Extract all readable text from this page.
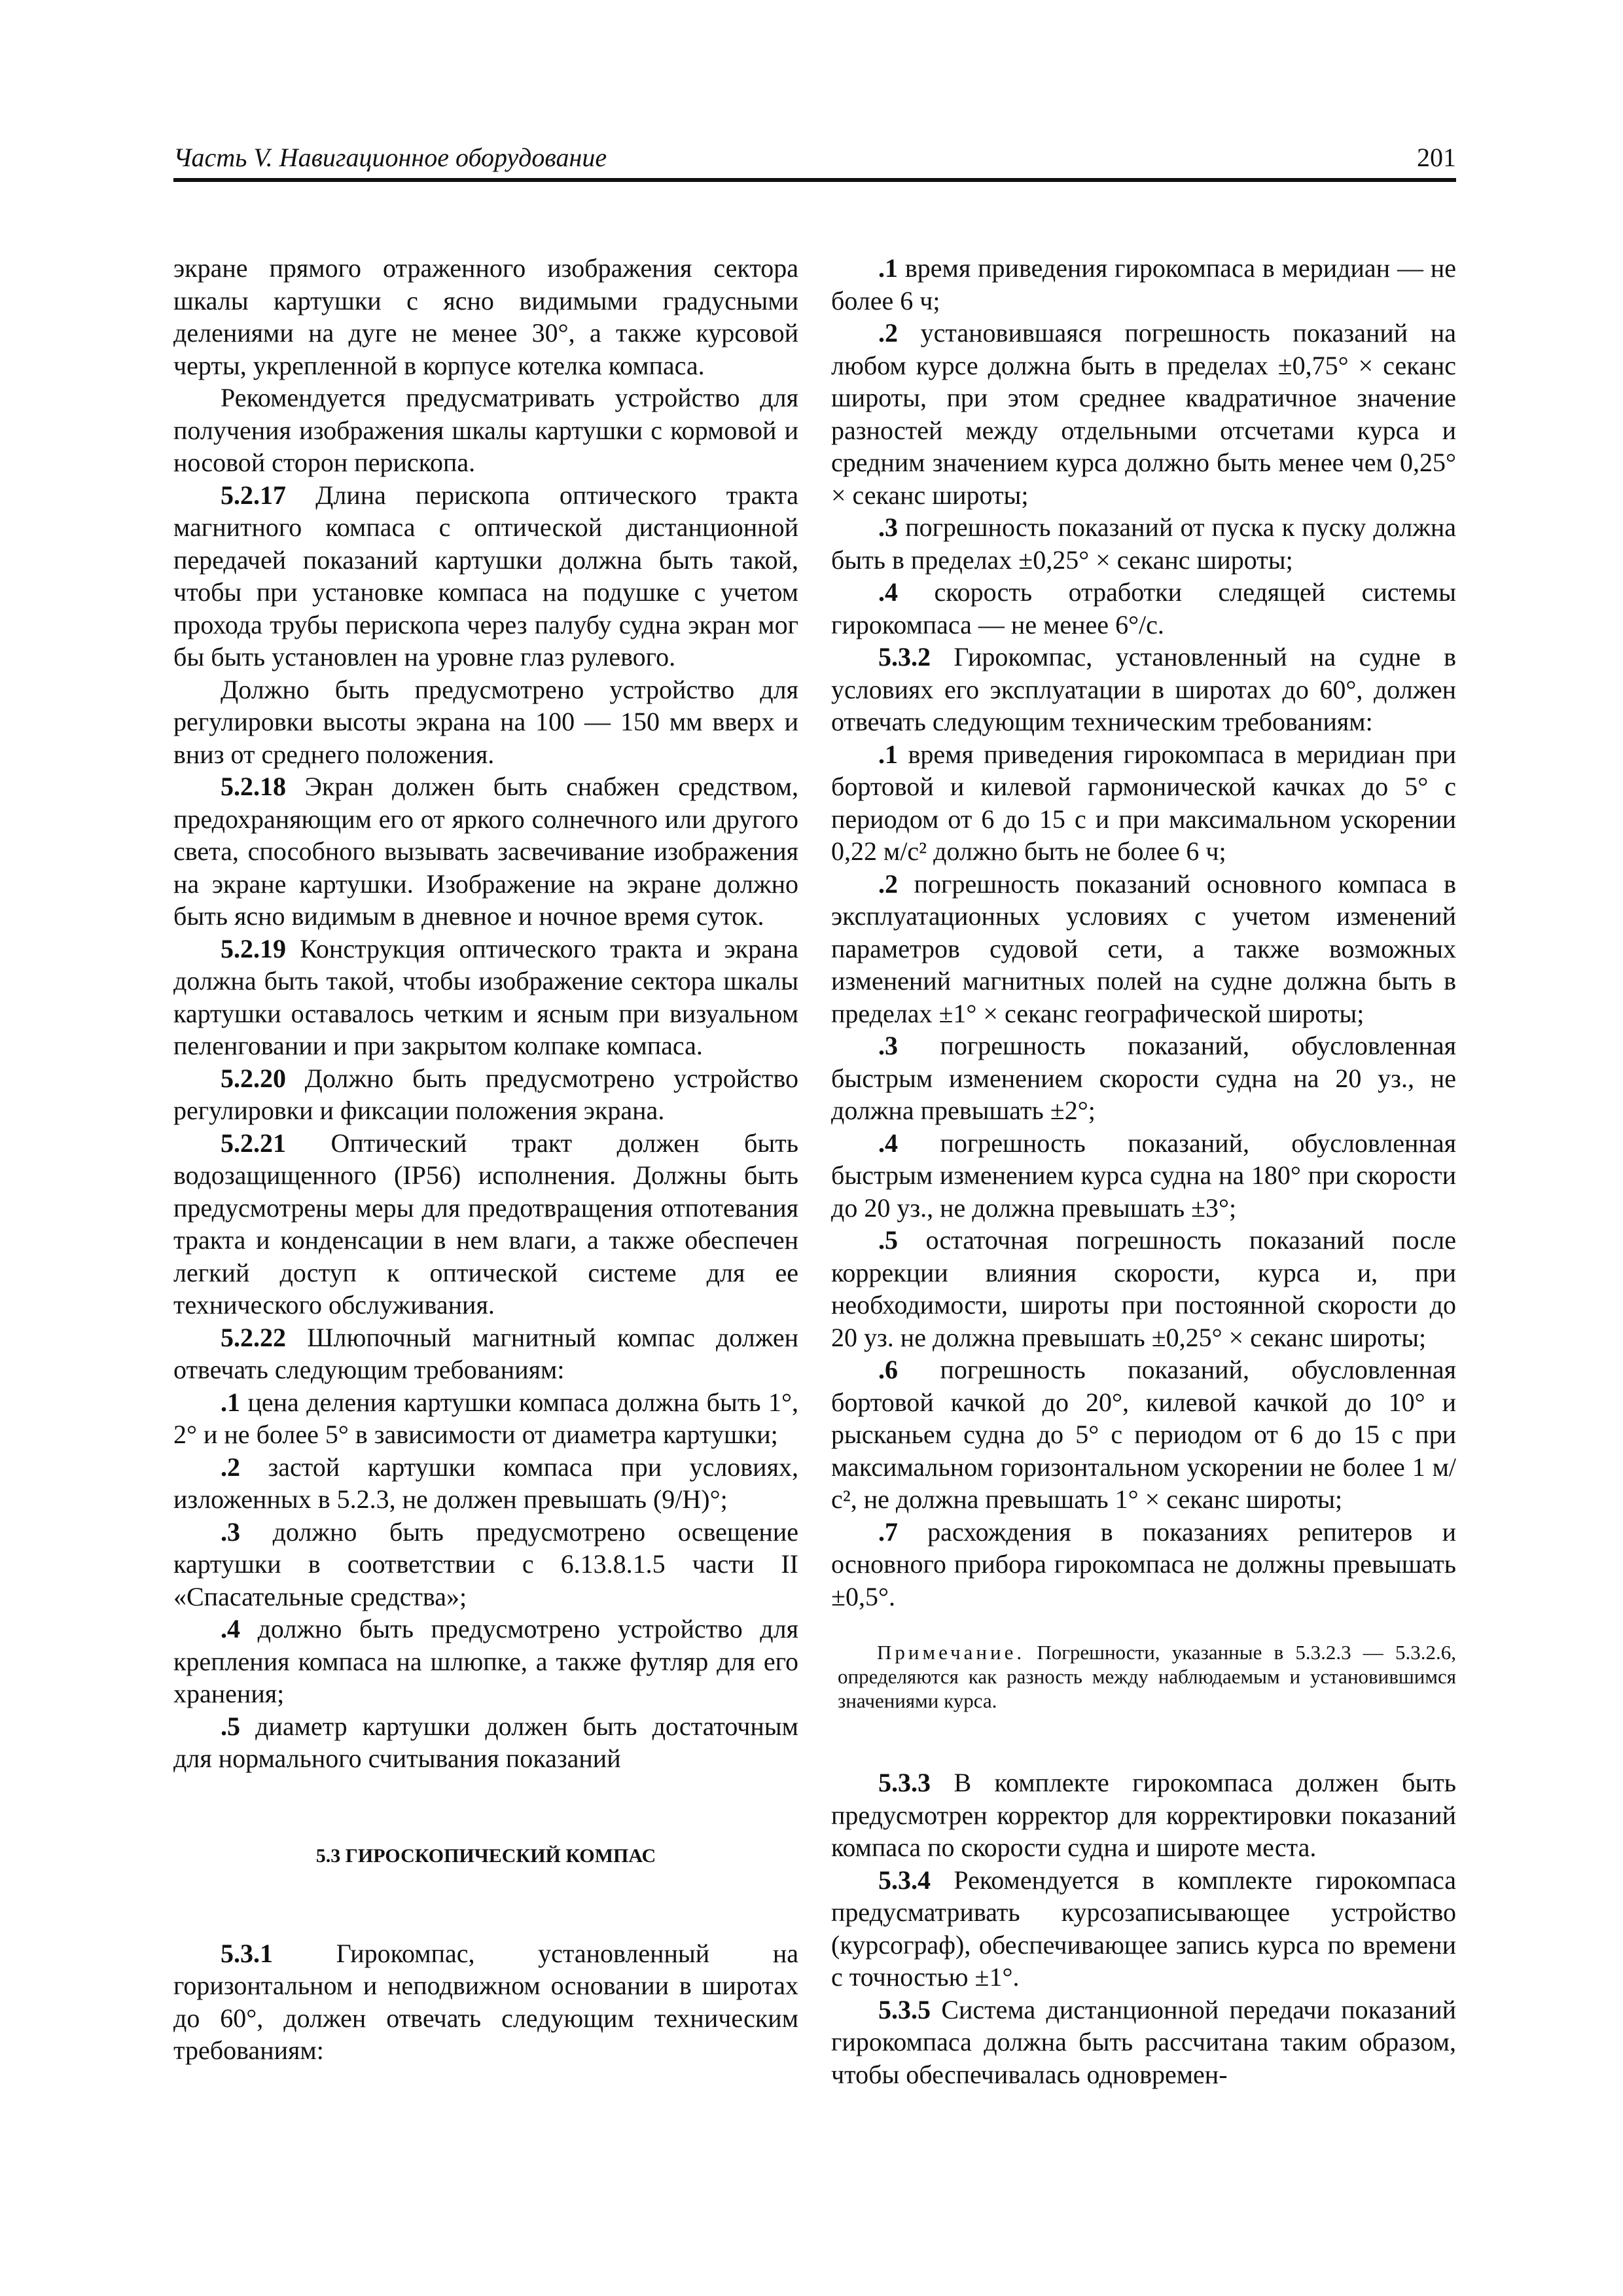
Часть V. Навигационное оборудование	201

экране прямого отраженного изображения сектора шкалы картушки с ясно видимыми градусными делениями на дуге не менее 30°, а также курсовой черты, укрепленной в корпусе котелка компаса.

Рекомендуется предусматривать устройство для получения изображения шкалы картушки с кормовой и носовой сторон перископа.

5.2.17 Длина перископа оптического тракта магнитного компаса с оптической дистанционной передачей показаний картушки должна быть такой, чтобы при установке компаса на подушке с учетом прохода трубы перископа через палубу судна экран мог бы быть установлен на уровне глаз рулевого.

Должно быть предусмотрено устройство для регулировки высоты экрана на 100 — 150 мм вверх и вниз от среднего положения.

5.2.18 Экран должен быть снабжен средством, предохраняющим его от яркого солнечного или другого света, способного вызывать засвечивание изображения на экране картушки. Изображение на экране должно быть ясно видимым в дневное и ночное время суток.

5.2.19 Конструкция оптического тракта и экрана должна быть такой, чтобы изображение сектора шкалы картушки оставалось четким и ясным при визуальном пеленговании и при закрытом колпаке компаса.

5.2.20 Должно быть предусмотрено устройство регулировки и фиксации положения экрана.

5.2.21 Оптический тракт должен быть водозащищенного (IP56) исполнения. Должны быть предусмотрены меры для предотвращения отпотевания тракта и конденсации в нем влаги, а также обеспечен легкий доступ к оптической системе для ее технического обслуживания.

5.2.22 Шлюпочный магнитный компас должен отвечать следующим требованиям:

.1 цена деления картушки компаса должна быть 1°, 2° и не более 5° в зависимости от диаметра картушки;

.2 застой картушки компаса при условиях, изложенных в 5.2.3, не должен превышать (9/H)°;

.3 должно быть предусмотрено освещение картушки в соответствии с 6.13.8.1.5 части II «Спасательные средства»;

.4 должно быть предусмотрено устройство для крепления компаса на шлюпке, а также футляр для его хранения;

.5 диаметр картушки должен быть достаточным для нормального считывания показаний

5.3 ГИРОСКОПИЧЕСКИЙ КОМПАС

5.3.1 Гирокомпас, установленный на горизонтальном и неподвижном основании в широтах до 60°, должен отвечать следующим техническим требованиям:

.1 время приведения гирокомпаса в меридиан — не более 6 ч;

.2 установившаяся погрешность показаний на любом курсе должна быть в пределах ±0,75° × секанс широты, при этом среднее квадратичное значение разностей между отдельными отсчетами курса и средним значением курса должно быть менее чем 0,25° × секанс широты;

.3 погрешность показаний от пуска к пуску должна быть в пределах ±0,25° × секанс широты;

.4 скорость отработки следящей системы гирокомпаса — не менее 6°/с.

5.3.2 Гирокомпас, установленный на судне в условиях его эксплуатации в широтах до 60°, должен отвечать следующим техническим требованиям:

.1 время приведения гирокомпаса в меридиан при бортовой и килевой гармонической качках до 5° с периодом от 6 до 15 с и при максимальном ускорении 0,22 м/с² должно быть не более 6 ч;

.2 погрешность показаний основного компаса в эксплуатационных условиях с учетом изменений параметров судовой сети, а также возможных изменений магнитных полей на судне должна быть в пределах ±1° × секанс географической широты;

.3 погрешность показаний, обусловленная быстрым изменением скорости судна на 20 уз., не должна превышать ±2°;

.4 погрешность показаний, обусловленная быстрым изменением курса судна на 180° при скорости до 20 уз., не должна превышать ±3°;

.5 остаточная погрешность показаний после коррекции влияния скорости, курса и, при необходимости, широты при постоянной скорости до 20 уз. не должна превышать ±0,25° × секанс широты;

.6 погрешность показаний, обусловленная бортовой качкой до 20°, килевой качкой до 10° и рысканьем судна до 5° с периодом от 6 до 15 с при максимальном горизонтальном ускорении не более 1 м/с², не должна превышать 1° × секанс широты;

.7 расхождения в показаниях репитеров и основного прибора гирокомпаса не должны превышать ±0,5°.

Примечание. Погрешности, указанные в 5.3.2.3 — 5.3.2.6, определяются как разность между наблюдаемым и установившимся значениями курса.

5.3.3 В комплекте гирокомпаса должен быть предусмотрен корректор для корректировки показаний компаса по скорости судна и широте места.

5.3.4 Рекомендуется в комплекте гирокомпаса предусматривать курсозаписывающее устройство (курсограф), обеспечивающее запись курса по времени с точностью ±1°.

5.3.5 Система дистанционной передачи показаний гирокомпаса должна быть рассчитана таким образом, чтобы обеспечивалась одновремен-
